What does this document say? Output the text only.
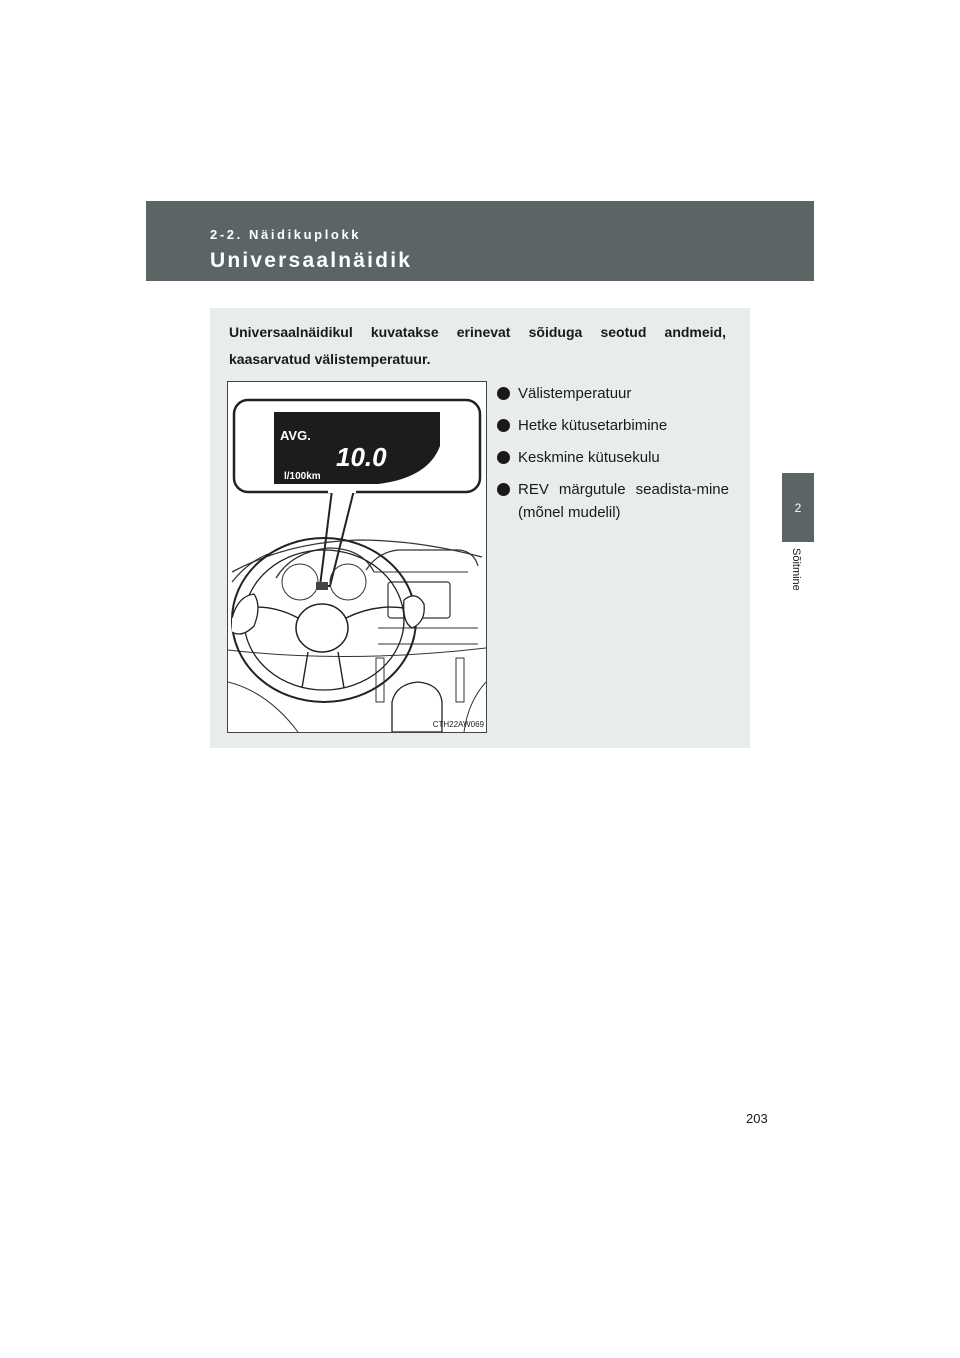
2-2. Näidikuplokk
Universaalnäidik
2
Sõitmine
Universaalnäidikul kuvatakse erinevat sõiduga seotud andmeid, kaasarvatud välistemperatuur.
AVG.
10.0
l/100km
CTH22AW069
Välistemperatuur
Hetke kütusetarbimine
Keskmine kütusekulu
REV märgutule seadista-mine (mõnel mudelil)
203
